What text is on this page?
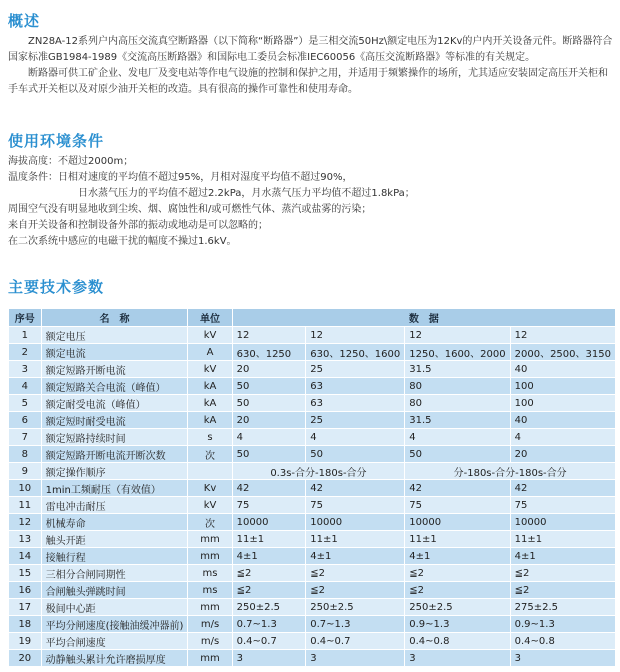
概述

ZN28A-12系列户内高压交流真空断路器（以下简称“断路器”）是三相交流50Hz\额定电压为12Kv的户内开关设备元件。断路器符合国家标准GB1984-1989《交流高压断路器》和国际电工委员会标准IEC60056《高压交流断路器》等标准的有关规定。

断路器可供工矿企业、发电厂及变电站等作电气设施的控制和保护之用，并适用于频繁操作的场所，尤其适应安装固定高压开关柜和手车式开关柜以及对原少油开关柜的改造。具有很高的操作可靠性和使用寿命。

使用环境条件

海拔高度：不超过2000m；

温度条件：日相对速度的平均值不超过95%，月相对湿度平均值不超过90%，

日水蒸气压力的平均值不超过2.2kPa，月水蒸气压力平均值不超过1.8kPa；

周围空气没有明显地收到尘埃、烟、腐蚀性和/或可燃性气体、蒸汽或盐雾的污染；

来自开关设备和控制设备外部的振动或地动是可以忽略的；

在二次系统中感应的电磁干扰的幅度不操过1.6kV。

主要技术参数
序号	名　称	单位	数　据			
1	额定电压	kV	12	12	12	12
2	额定电流	A	630、1250	630、1250、1600	1250、1600、2000	2000、2500、3150
3	额定短路开断电流	kV	20	25	31.5	40
4	额定短路关合电流（峰值）	kA	50	63	80	100
5	额定耐受电流（峰值）	kA	50	63	80	100
6	额定短时耐受电流	kA	20	25	31.5	40
7	额定短路持续时间	s	4	4	4	4
8	额定短路开断电流开断次数	次	50	50	50	20
9	额定操作顺序		0.3s-合分-180s-合分		分-180s-合分-180s-合分	
10	1min工频耐压（有效值）	Kv	42	42	42	42
11	雷电冲击耐压	kV	75	75	75	75
12	机械寿命	次	10000	10000	10000	10000
13	触头开距	mm	11±1	11±1	11±1	11±1
14	接触行程	mm	4±1	4±1	4±1	4±1
15	三相分合闸同期性	ms	≦2	≦2	≦2	≦2
16	合闸触头弹跳时间	ms	≦2	≦2	≦2	≦2
17	极间中心距	mm	250±2.5	250±2.5	250±2.5	275±2.5
18	平均分闸速度(接触油缓冲器前)	m/s	0.7~1.3	0.7~1.3	0.9~1.3	0.9~1.3
19	平均合闸速度	m/s	0.4~0.7	0.4~0.7	0.4~0.8	0.4~0.8
20	动静触头累计允许磨损厚度	mm	3	3	3	3
